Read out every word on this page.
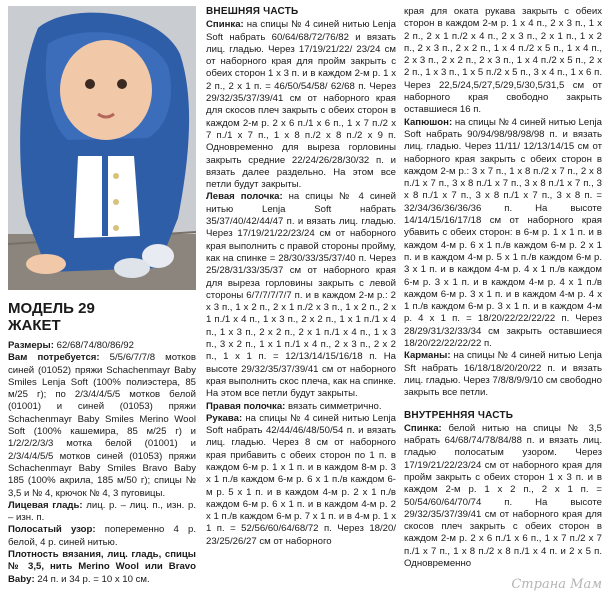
МОДЕЛЬ 29
ЖАКЕТ

Размеры: 62/68/74/80/86/92

Вам потребуется: 5/5/6/7/7/8 мотков синей (01052) пряжи Schachenmayr Baby Smiles Lenja Soft (100% полиэстера, 85 м/25 г); по 2/3/4/4/5/5 мотков белой (01001) и синей (01053) пряжи Schachenmayr Baby Smiles Merino Wool Soft (100% кашемира, 85 м/25 г) и 1/2/2/2/3/3 мотка белой (01001) и 2/3/4/4/5/5 мотков синей (01053) пряжи Schachenmayr Baby Smiles Bravo Baby 185 (100% акрила, 185 м/50 г); спицы № 3,5 и № 4, крючок № 4, 3 пуговицы.

Лицевая гладь: лиц. р. – лиц. п., изн. р. – изн. п.

Полосатый узор: попеременно 4 р. белой, 4 р. синей нитью.

Плотность вязания, лиц. гладь, спицы № 3,5, нить Merino Wool или Bravo Baby: 24 п. и 34 р. = 10 x 10 см.

ВНЕШНЯЯ ЧАСТЬ

Спинка: на спицы № 4 синей нитью Lenja Soft набрать 60/64/68/72/76/82 и вязать лиц. гладью. Через 17/19/21/22/ 23/24 см от наборного края для пройм закрыть с обеих сторон 1 x 3 п. и в каждом 2-м р. 1 x 2 п., 2 x 1 п. = 46/50/54/58/ 62/68 п. Через 29/32/35/37/39/41 см от наборного края для скосов плеч закрыть с обеих сторон в каждом 2-м р. 2 x 6 п./1 x 6 п., 1 x 7 п./2 x 7 п./1 x 7 п., 1 x 8 п./2 x 8 п./2 x 9 п. Одновременно для выреза горловины закрыть средние 22/24/26/28/30/32 п. и вязать далее раздельно. На этом все петли будут закрыты.

Левая полочка: на спицы № 4 синей нитью Lenja Soft набрать 35/37/40/42/44/47 п. и вязать лиц. гладью. Через 17/19/21/22/23/24 см от наборного края выполнить с правой стороны пройму, как на спинке = 28/30/33/35/37/40 п. Через 25/28/31/33/35/37 см от наборного края для выреза горловины закрыть с левой стороны 6/7/7/7/7/7 п. и в каждом 2-м р.: 2 x 3 п., 1 x 2 п., 2 x 1 п./2 x 3 п., 1 x 2 п., 2 x 1 п./1 x 4 п., 1 x 3 п., 2 x 2 п., 1 x 1 п./1 x 4 п., 1 x 3 п., 2 x 2 п., 2 x 1 п./1 x 4 п., 1 x 3 п., 3 x 2 п., 1 x 1 п./1 x 4 п., 2 x 3 п., 2 x 2 п., 1 x 1 п. = 12/13/14/15/16/18 п. На высоте 29/32/35/37/39/41 см от наборного края выполнить скос плеча, как на спинке. На этом все петли будут закрыты.

Правая полочка: вязать симметрично.

Рукава: на спицы № 4 синей нитью Lenja Soft набрать 42/44/46/48/50/54 п. и вязать лиц. гладью. Через 8 см от наборного края прибавить с обеих сторон по 1 п. в каждом 6-м р. 1 x 1 п. и в каждом 8-м р. 3 x 1 п./в каждом 6-м р. 6 x 1 п./в каждом 6-м р. 5 x 1 п. и в каждом 4-м р. 2 x 1 п./в каждом 6-м р. 6 x 1 п. и в каждом 4-м р. 2 x 1 п./в каждом 6-м р. 7 x 1 п. и в 4-м р. 1 x 1 п. = 52/56/60/64/68/72 п. Через 18/20/ 23/25/26/27 см от наборного

края для оката рукава закрыть с обеих сторон в каждом 2-м р. 1 x 4 п., 2 x 3 п., 1 x 2 п., 2 x 1 п./2 x 4 п., 2 x 3 п., 2 x 1 п., 1 x 2 п., 2 x 3 п., 2 x 2 п., 1 x 4 п./2 x 5 п., 1 x 4 п., 2 x 3 п., 2 x 2 п., 2 x 3 п., 1 x 4 п./2 x 5 п., 2 x 2 п., 1 x 3 п., 1 x 5 п./2 x 5 п., 3 x 4 п., 1 x 6 п. Через 22,5/24,5/27,5/29,5/30,5/31,5 см от наборного края свободно закрыть оставшиеся 16 п.

Капюшон: на спицы № 4 синей нитью Lenja Soft набрать 90/94/98/98/98/98 п. и вязать лиц. гладью. Через 11/11/ 12/13/14/15 см от наборного края закрыть с обеих сторон в каждом 2-м р.: 3 x 7 п., 1 x 8 п./2 x 7 п., 2 x 8 п./1 x 7 п., 3 x 8 п./1 x 7 п., 3 x 8 п./1 x 7 п., 3 x 8 п./1 x 7 п., 3 x 8 п./1 x 7 п., 3 x 8 п. = 32/34/36/36/36/36 п. На высоте 14/14/15/16/17/18 см от наборного края убавить с обеих сторон: в 6-м р. 1 x 1 п. и в каждом 4-м р. 6 x 1 п./в каждом 6-м р. 2 x 1 п. и в каждом 4-м р. 5 x 1 п./в каждом 6-м р. 3 x 1 п. и в каждом 4-м р. 4 x 1 п./в каждом 6-м р. 3 x 1 п. и в каждом 4-м р. 4 x 1 п./в каждом 6-м р. 3 x 1 п. и в каждом 4-м р. 4 x 1 п./в каждом 6-м р. 3 x 1 п. и в каждом 4-м р. 4 x 1 п. = 18/20/22/22/22/22 п. Через 28/29/31/32/33/34 см закрыть оставшиеся 18/20/22/22/22/22 п.

Карманы: на спицы № 4 синей нитью Lenja Sft набрать 16/18/18/20/20/22 п. и вязать лиц. гладью. Через 7/8/8/9/9/10 см свободно закрыть все петли.

ВНУТРЕННЯЯ ЧАСТЬ

Спинка: белой нитью на спицы № 3,5 набрать 64/68/74/78/84/88 п. и вязать лиц. гладью полосатым узором. Через 17/19/21/22/23/24 см от наборного края для пройм закрыть с обеих сторон 1 x 3 п. и в каждом 2-м р. 1 x 2 п., 2 x 1 п. = 50/54/60/64/70/74 п. На высоте 29/32/35/37/39/41 см от наборного края для скосов плеч закрыть с обеих сторон в каждом 2-м р. 2 x 6 п./1 x 6 п., 1 x 7 п./2 x 7 п./1 x 7 п., 1 x 8 п./2 x 8 п./1 x 4 п. и 2 x 5 п. Одновременно

Страна Мам
